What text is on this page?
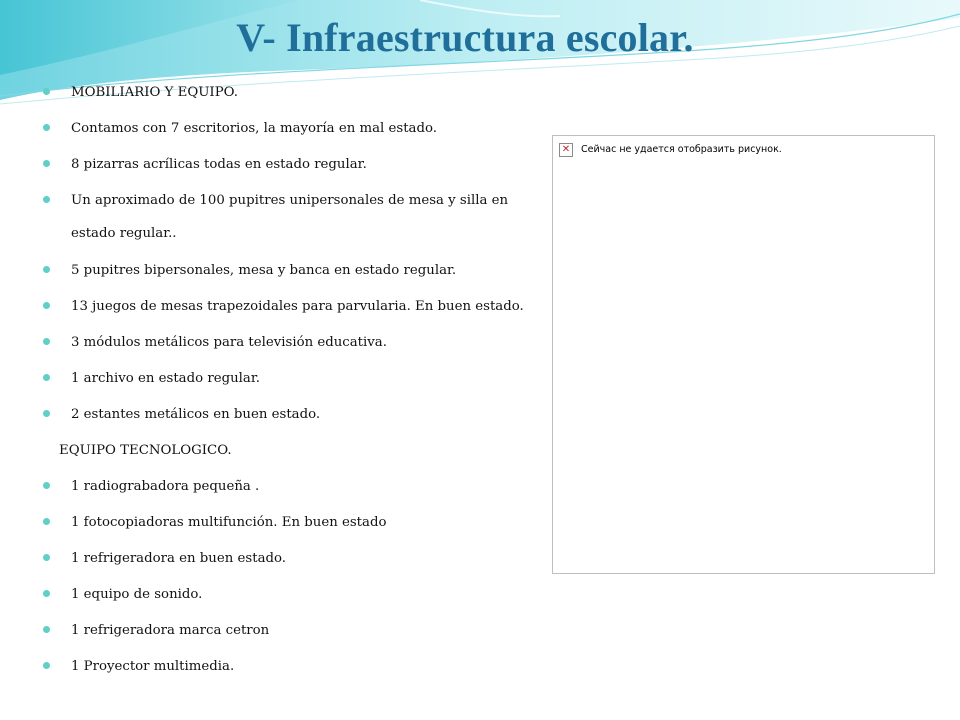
V- Infraestructura escolar.
MOBILIARIO Y EQUIPO.
Contamos con 7 escritorios, la mayoría en mal estado.
8 pizarras acrílicas todas en estado regular.
Un aproximado de 100 pupitres unipersonales de mesa y silla en estado regular..
5 pupitres bipersonales, mesa y banca en estado regular.
13 juegos de mesas trapezoidales para parvularia. En buen estado.
3 módulos metálicos para televisión educativa.
1 archivo en estado regular.
2 estantes metálicos en buen estado.
EQUIPO TECNOLOGICO.
1 radiograbadora pequeña .
1 fotocopiadoras multifunción. En buen estado
1 refrigeradora en buen estado.
1 equipo de sonido.
1 refrigeradora marca cetron
1 Proyector multimedia.
✕ Сейчас не удается отобразить рисунок.
